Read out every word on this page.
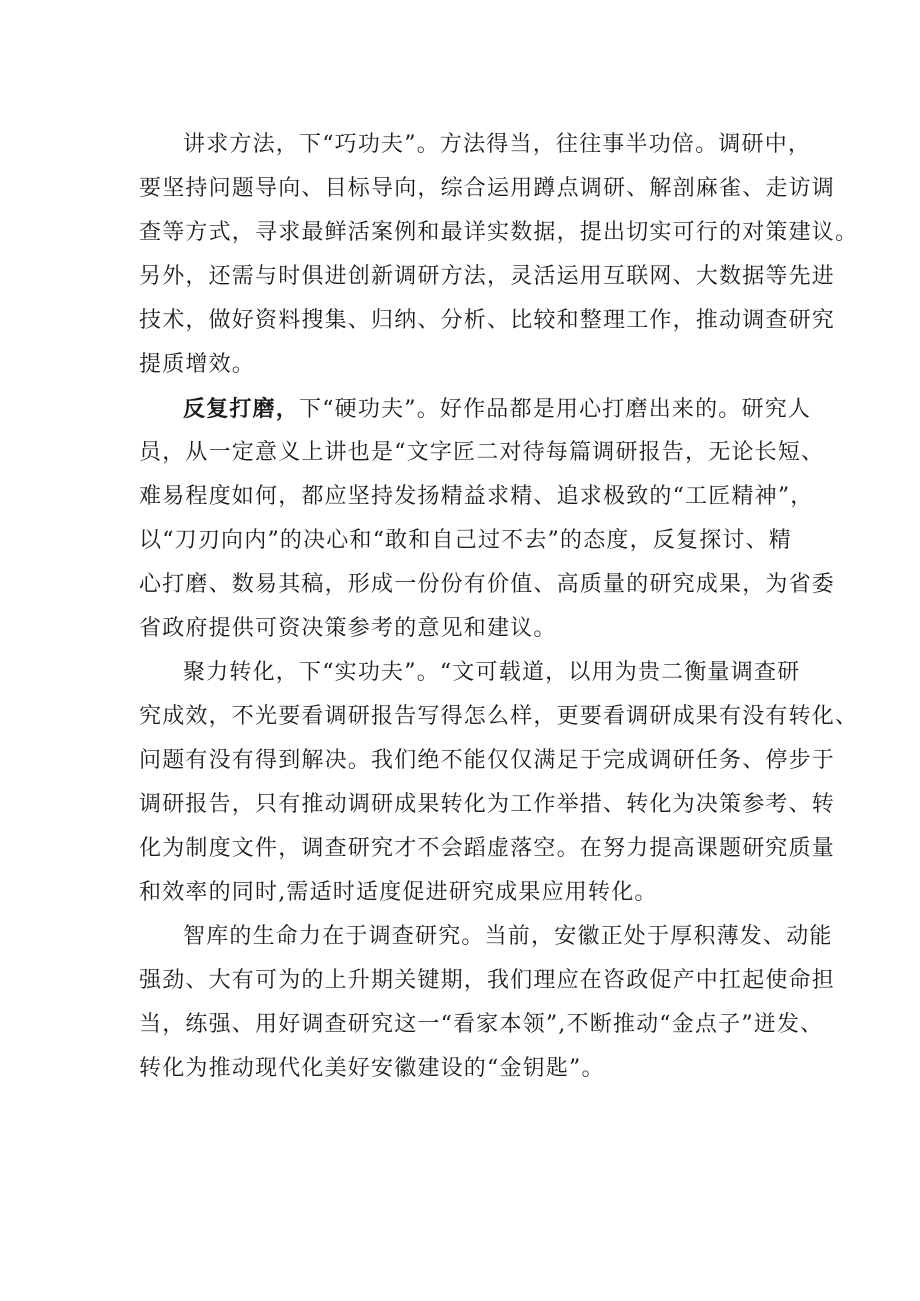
讲求方法，下“巧功夫”。方法得当，往往事半功倍。调研中，
要坚持问题导向、目标导向，综合运用蹲点调研、解剖麻雀、走访调
查等方式，寻求最鲜活案例和最详实数据，提出切实可行的对策建议。
另外，还需与时俱进创新调研方法，灵活运用互联网、大数据等先进
技术，做好资料搜集、归纳、分析、比较和整理工作，推动调查研究
提质增效。
反复打磨，下“硬功夫”。好作品都是用心打磨出来的。研究人
员，从一定意义上讲也是“文字匠二对待每篇调研报告，无论长短、
难易程度如何，都应坚持发扬精益求精、追求极致的“工匠精神”，
以“刀刃向内”的决心和“敢和自己过不去”的态度，反复探讨、精
心打磨、数易其稿，形成一份份有价值、高质量的研究成果，为省委
省政府提供可资决策参考的意见和建议。
聚力转化，下“实功夫”。“文可载道，以用为贵二衡量调查研
究成效，不光要看调研报告写得怎么样，更要看调研成果有没有转化、
问题有没有得到解决。我们绝不能仅仅满足于完成调研任务、停步于
调研报告，只有推动调研成果转化为工作举措、转化为决策参考、转
化为制度文件，调查研究才不会蹈虚落空。在努力提高课题研究质量
和效率的同时,需适时适度促进研究成果应用转化。
智库的生命力在于调查研究。当前，安徽正处于厚积薄发、动能
强劲、大有可为的上升期关键期，我们理应在咨政促产中扛起使命担
当，练强、用好调查研究这一“看家本领”,不断推动“金点子”迸发、
转化为推动现代化美好安徽建设的“金钥匙”。
